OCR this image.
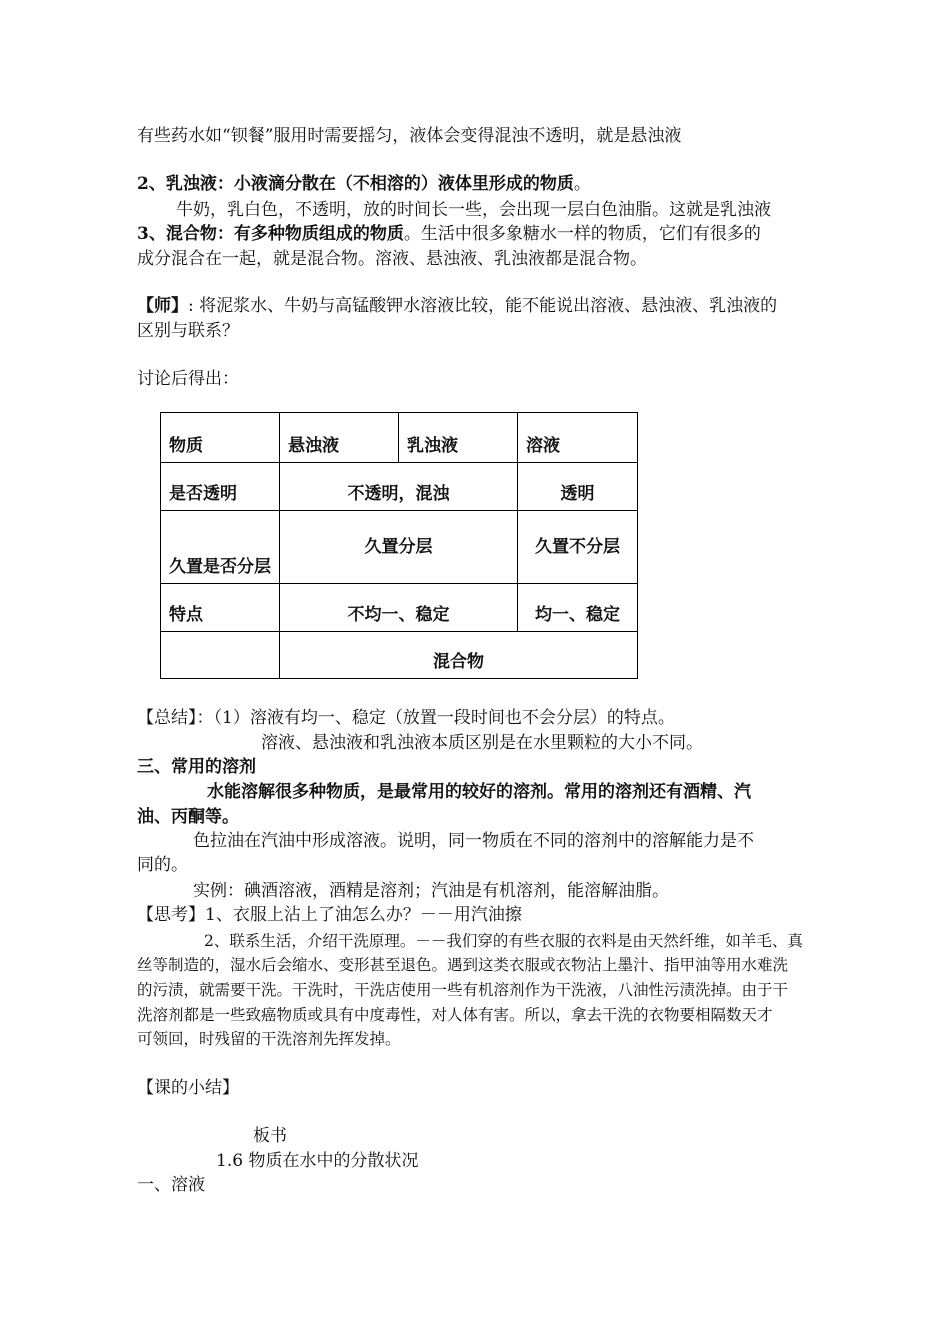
有些药水如“钡餐”服用时需要摇匀，液体会变得混浊不透明，就是悬浊液
2、乳浊液：小液滴分散在（不相溶的）液体里形成的物质。
牛奶，乳白色，不透明，放的时间长一些，会出现一层白色油脂。这就是乳浊液
3、混合物：有多种物质组成的物质。生活中很多象糖水一样的物质，它们有很多的
成分混合在一起，就是混合物。溶液、悬浊液、乳浊液都是混合物。
【师】: 将泥浆水、牛奶与高锰酸钾水溶液比较，能不能说出溶液、悬浊液、乳浊液的
区别与联系？
讨论后得出：
物质	悬浊液	乳浊液	溶液
是否透明	不透明，混浊		透明
久置是否分层	久置分层		久置不分层
特点	不均一、稳定		均一、稳定
	混合物		
【总结】：（1）溶液有均一、稳定（放置一段时间也不会分层）的特点。
溶液、悬浊液和乳浊液本质区别是在水里颗粒的大小不同。
三、常用的溶剂
水能溶解很多种物质，是最常用的较好的溶剂。常用的溶剂还有酒精、汽
油、丙酮等。
色拉油在汽油中形成溶液。说明，同一物质在不同的溶剂中的溶解能力是不
同的。
实例：碘酒溶液，酒精是溶剂；汽油是有机溶剂，能溶解油脂。
【思考】1、衣服上沾上了油怎么办？－－用汽油擦
2、联系生活，介绍干洗原理。－－我们穿的有些衣服的衣料是由天然纤维，如羊毛、真
丝等制造的，湿水后会缩水、变形甚至退色。遇到这类衣服或衣物沾上墨汁、指甲油等用水难洗
的污渍，就需要干洗。干洗时，干洗店使用一些有机溶剂作为干洗液，八油性污渍洗掉。由于干
洗溶剂都是一些致癌物质或具有中度毒性，对人体有害。所以，拿去干洗的衣物要相隔数天才
可领回，时残留的干洗溶剂先挥发掉。
【课的小结】
板书
1.6 物质在水中的分散状况
一、溶液
